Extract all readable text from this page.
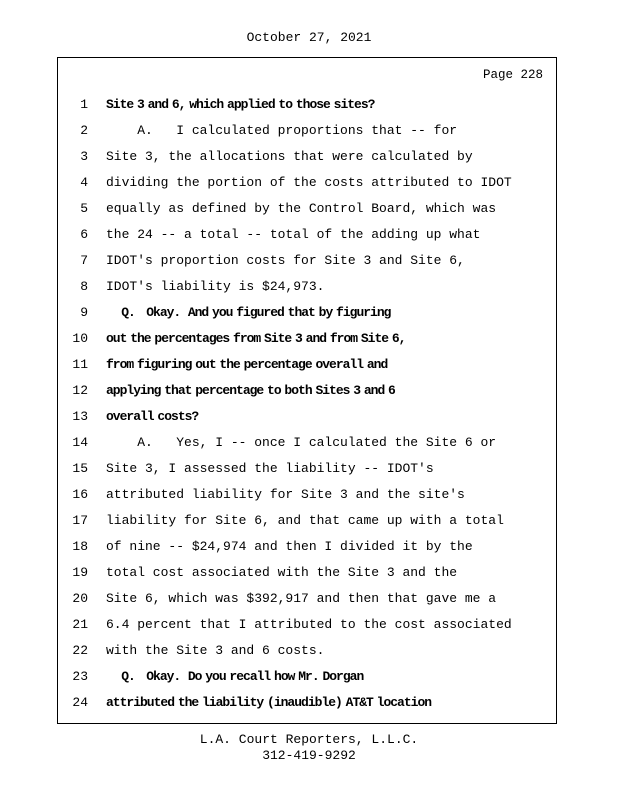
October 27, 2021
Page 228
1	Site 3 and 6, which applied to those sites?
2	A.   I calculated proportions that -- for
3	Site 3, the allocations that were calculated by
4	dividing the portion of the costs attributed to IDOT
5	equally as defined by the Control Board, which was
6	the 24 -- a total -- total of the adding up what
7	IDOT's proportion costs for Site 3 and Site 6,
8	IDOT's liability is $24,973.
9	Q.   Okay.  And you figured that by figuring
10	out the percentages from Site 3 and from Site 6,
11	from figuring out the percentage overall and
12	applying that percentage to both Sites 3 and 6
13	overall costs?
14	A.   Yes, I -- once I calculated the Site 6 or
15	Site 3, I assessed the liability -- IDOT's
16	attributed liability for Site 3 and the site's
17	liability for Site 6, and that came up with a total
18	of nine -- $24,974 and then I divided it by the
19	total cost associated with the Site 3 and the
20	Site 6, which was $392,917 and then that gave me a
21	6.4 percent that I attributed to the cost associated
22	with the Site 3 and 6 costs.
23	Q.   Okay.  Do you recall how Mr. Dorgan
24	attributed the liability (inaudible) AT&T location
L.A. Court Reporters, L.L.C.
312-419-9292
